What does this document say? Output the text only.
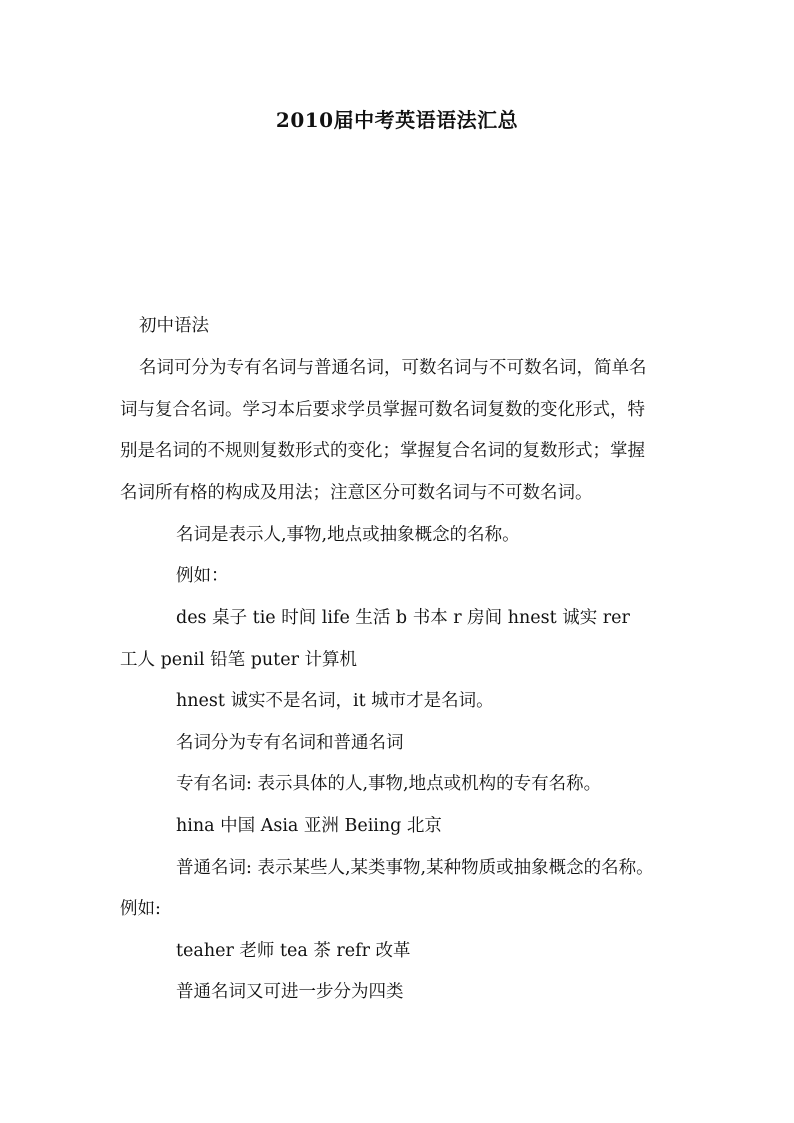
2010届中考英语语法汇总
初中语法
名词可分为专有名词与普通名词，可数名词与不可数名词，简单名
词与复合名词。学习本后要求学员掌握可数名词复数的变化形式，特
别是名词的不规则复数形式的变化；掌握复合名词的复数形式；掌握
名词所有格的构成及用法；注意区分可数名词与不可数名词。
名词是表示人,事物,地点或抽象概念的名称。
例如：
des 桌子 tie 时间 life 生活 b 书本 r 房间 hnest 诚实 rer
工人 penil 铅笔 puter 计算机
hnest 诚实不是名词，it 城市才是名词。
名词分为专有名词和普通名词
专有名词: 表示具体的人,事物,地点或机构的专有名称。
hina 中国 Asia 亚洲 Beiing 北京
普通名词: 表示某些人,某类事物,某种物质或抽象概念的名称。
例如:
teaher 老师 tea 茶 refr 改革
普通名词又可进一步分为四类
